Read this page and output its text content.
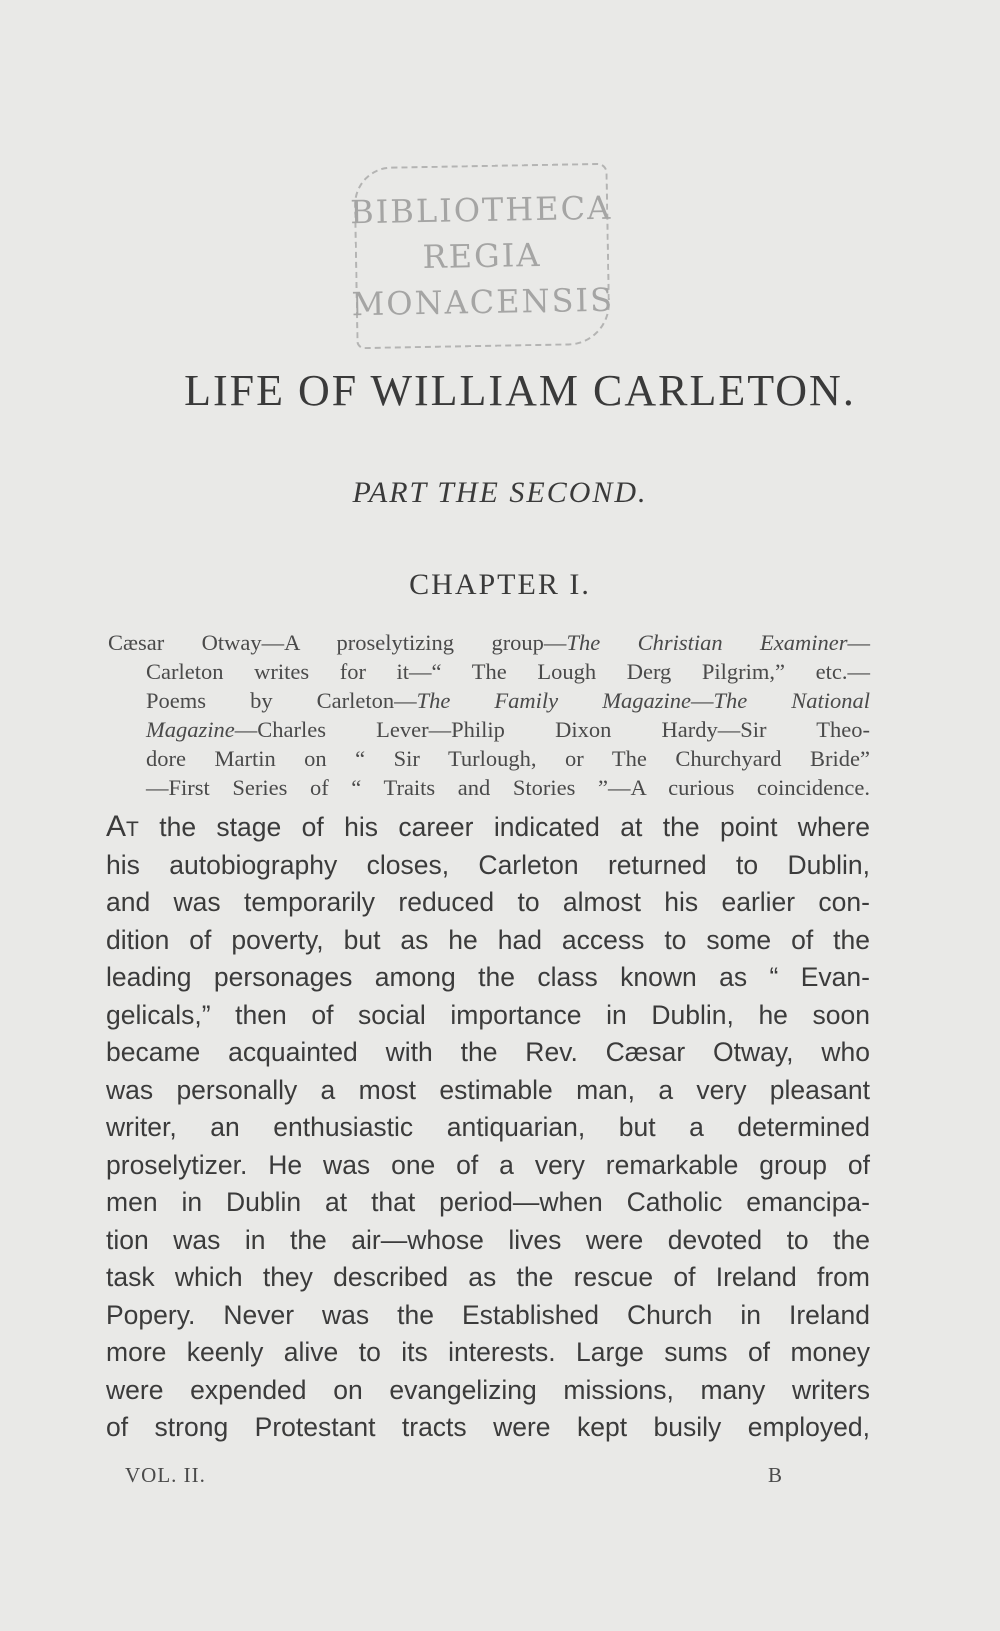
BIBLIOTHECA
REGIA
MONACENSIS
LIFE OF WILLIAM CARLETON.
PART THE SECOND.
CHAPTER I.
Cæsar Otway—A proselytizing group—The Christian Examiner—
Carleton writes for it—“ The Lough Derg Pilgrim,” etc.—
Poems by Carleton—The Family Magazine—The National
Magazine—Charles Lever—Philip Dixon Hardy—Sir Theo-
dore Martin on “ Sir Turlough, or The Churchyard Bride”
—First Series of “ Traits and Stories ”—A curious coincidence.
At the stage of his career indicated at the point where
his autobiography closes, Carleton returned to Dublin,
and was temporarily reduced to almost his earlier con-
dition of poverty, but as he had access to some of the
leading personages among the class known as “ Evan-
gelicals,” then of social importance in Dublin, he soon
became acquainted with the Rev. Cæsar Otway, who
was personally a most estimable man, a very pleasant
writer, an enthusiastic antiquarian, but a determined
proselytizer. He was one of a very remarkable group of
men in Dublin at that period—when Catholic emancipa-
tion was in the air—whose lives were devoted to the
task which they described as the rescue of Ireland from
Popery. Never was the Established Church in Ireland
more keenly alive to its interests. Large sums of money
were expended on evangelizing missions, many writers
of strong Protestant tracts were kept busily employed,
VOL. II.	B
